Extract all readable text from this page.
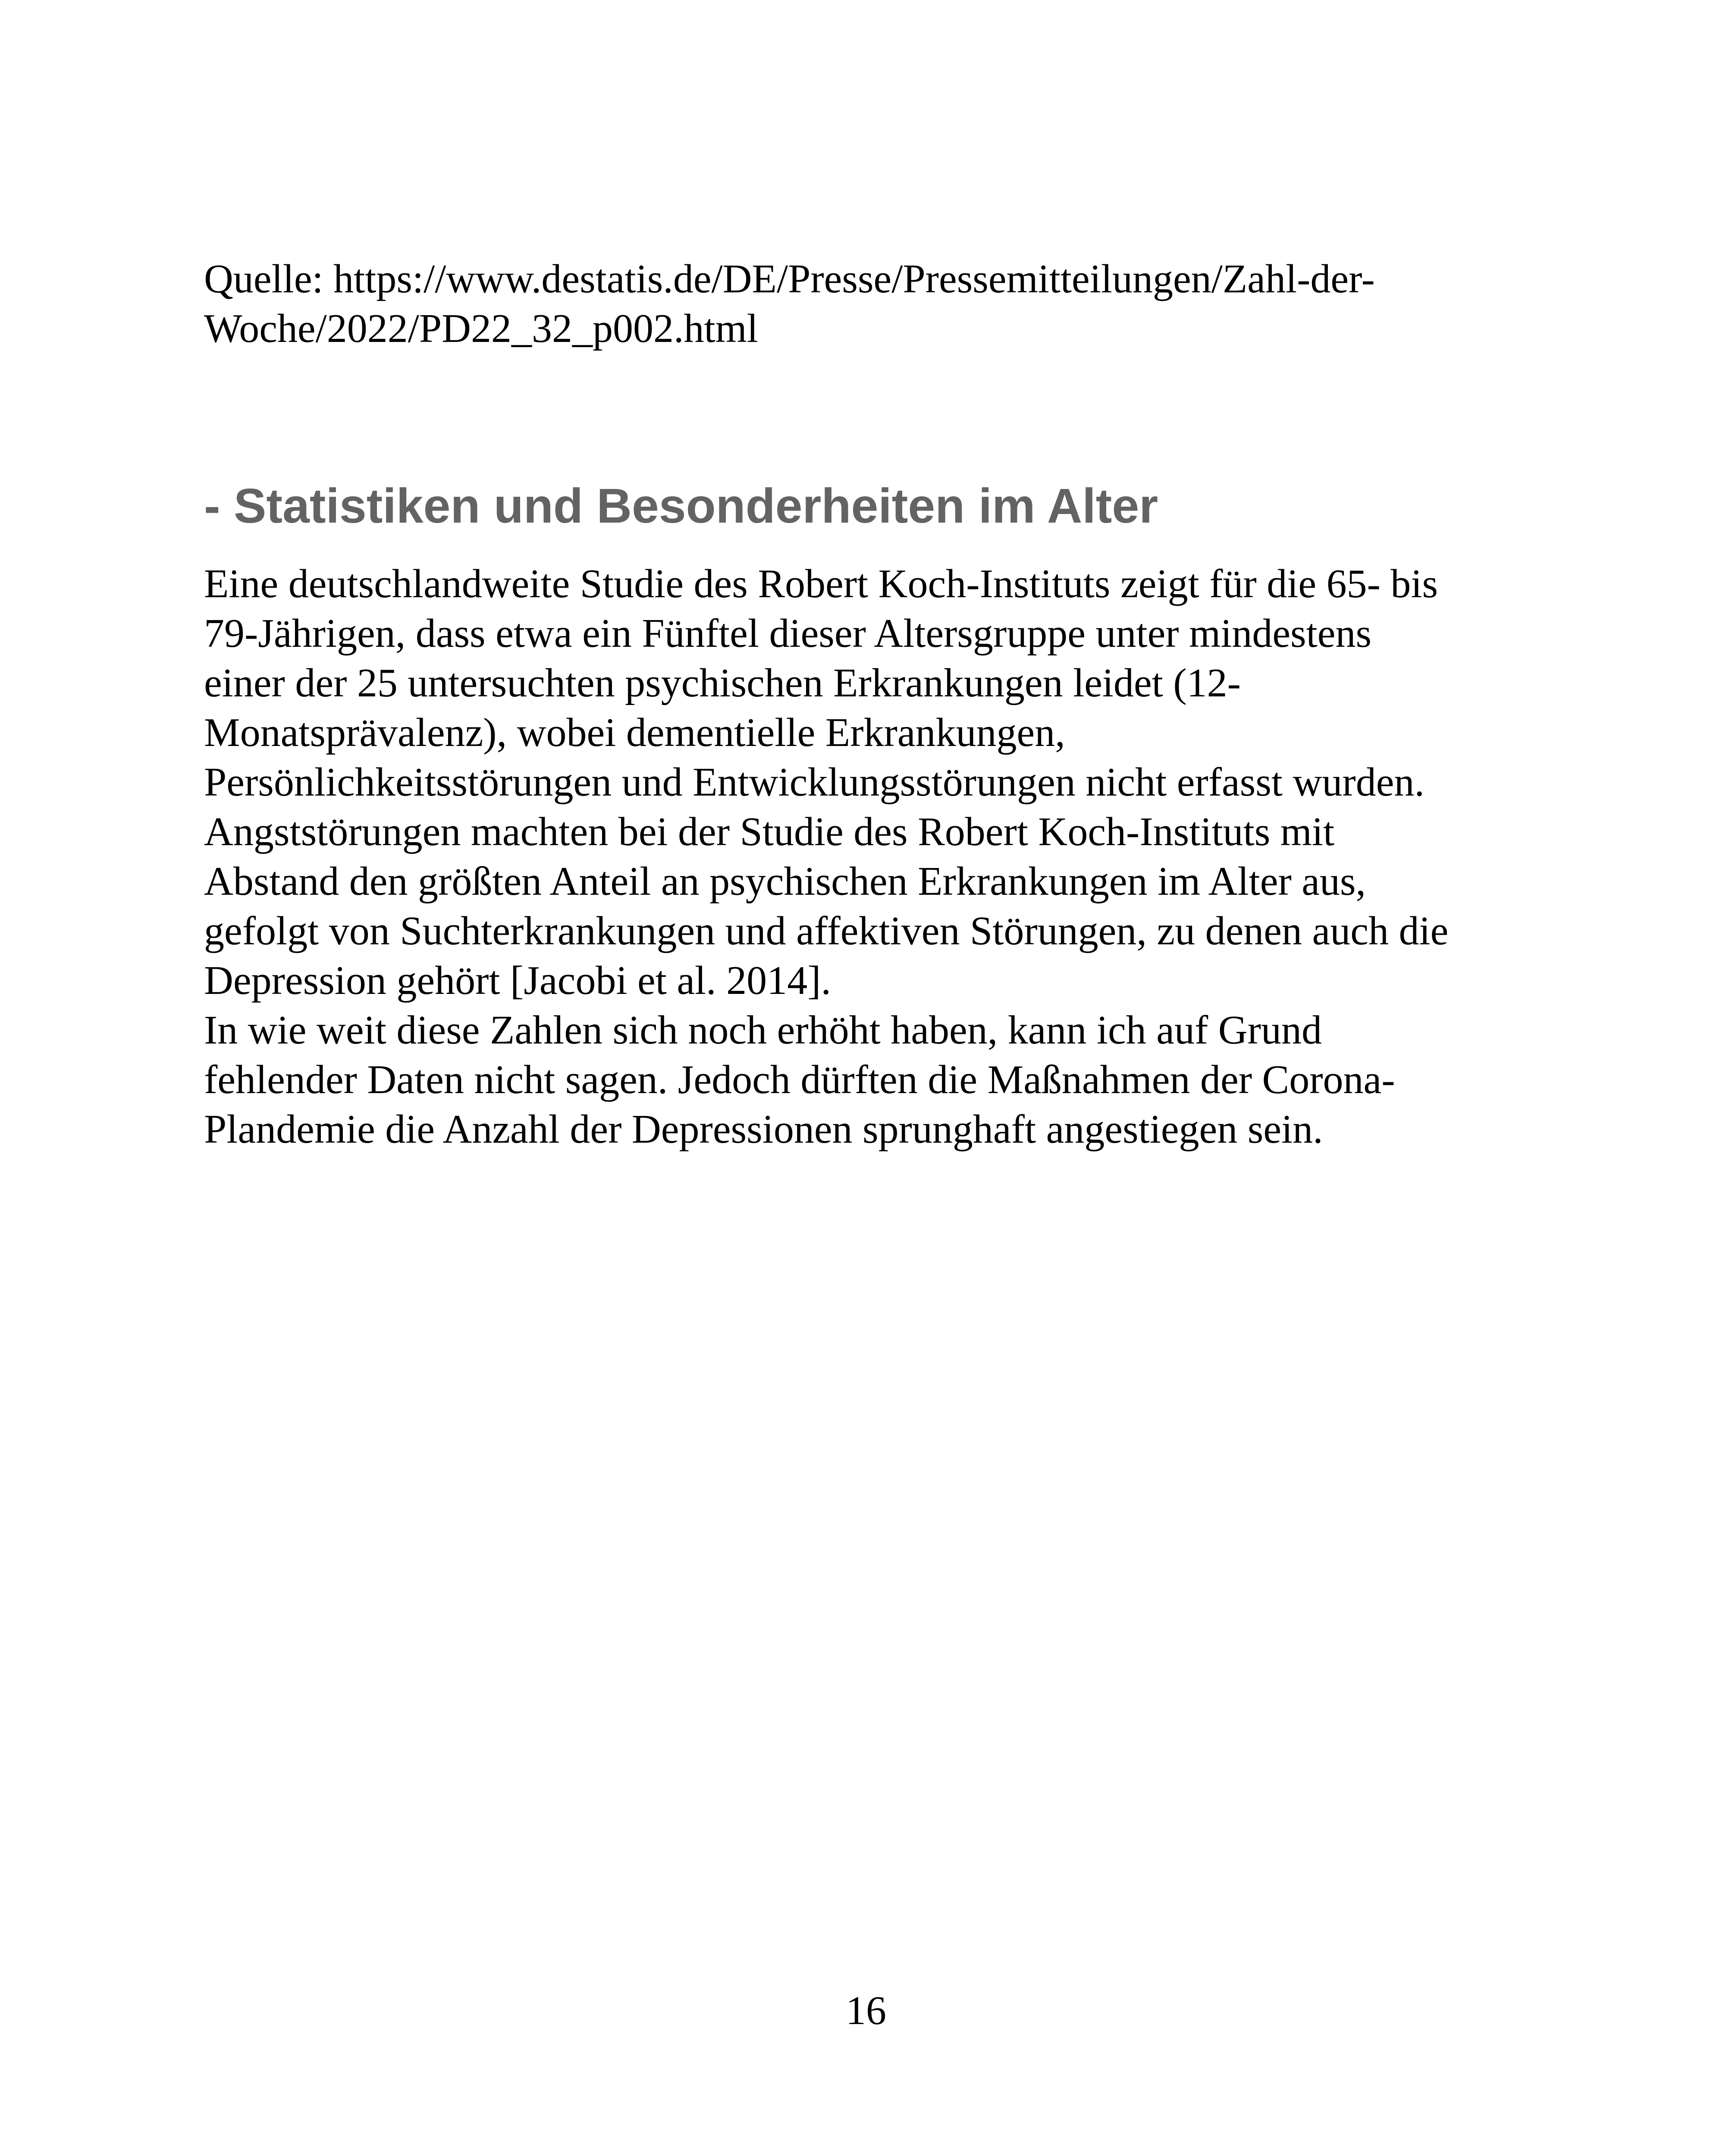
Quelle: https://www.destatis.de/DE/Presse/Pressemitteilungen/Zahl-der-
Woche/2022/PD22_32_p002.html
- Statistiken und Besonderheiten im Alter
Eine deutschlandweite Studie des Robert Koch-Instituts zeigt für die 65- bis
79-Jährigen, dass etwa ein Fünftel dieser Altersgruppe unter mindestens
einer der 25 untersuchten psychischen Erkrankungen leidet (12-
Monatsprävalenz), wobei dementielle Erkrankungen,
Persönlichkeitsstörungen und Entwicklungsstörungen nicht erfasst wurden.
Angststörungen machten bei der Studie des Robert Koch-Instituts mit
Abstand den größten Anteil an psychischen Erkrankungen im Alter aus,
gefolgt von Suchterkrankungen und affektiven Störungen, zu denen auch die
Depression gehört [Jacobi et al. 2014].
In wie weit diese Zahlen sich noch erhöht haben, kann ich auf Grund
fehlender Daten nicht sagen. Jedoch dürften die Maßnahmen der Corona-
Plandemie die Anzahl der Depressionen sprunghaft angestiegen sein.
16
